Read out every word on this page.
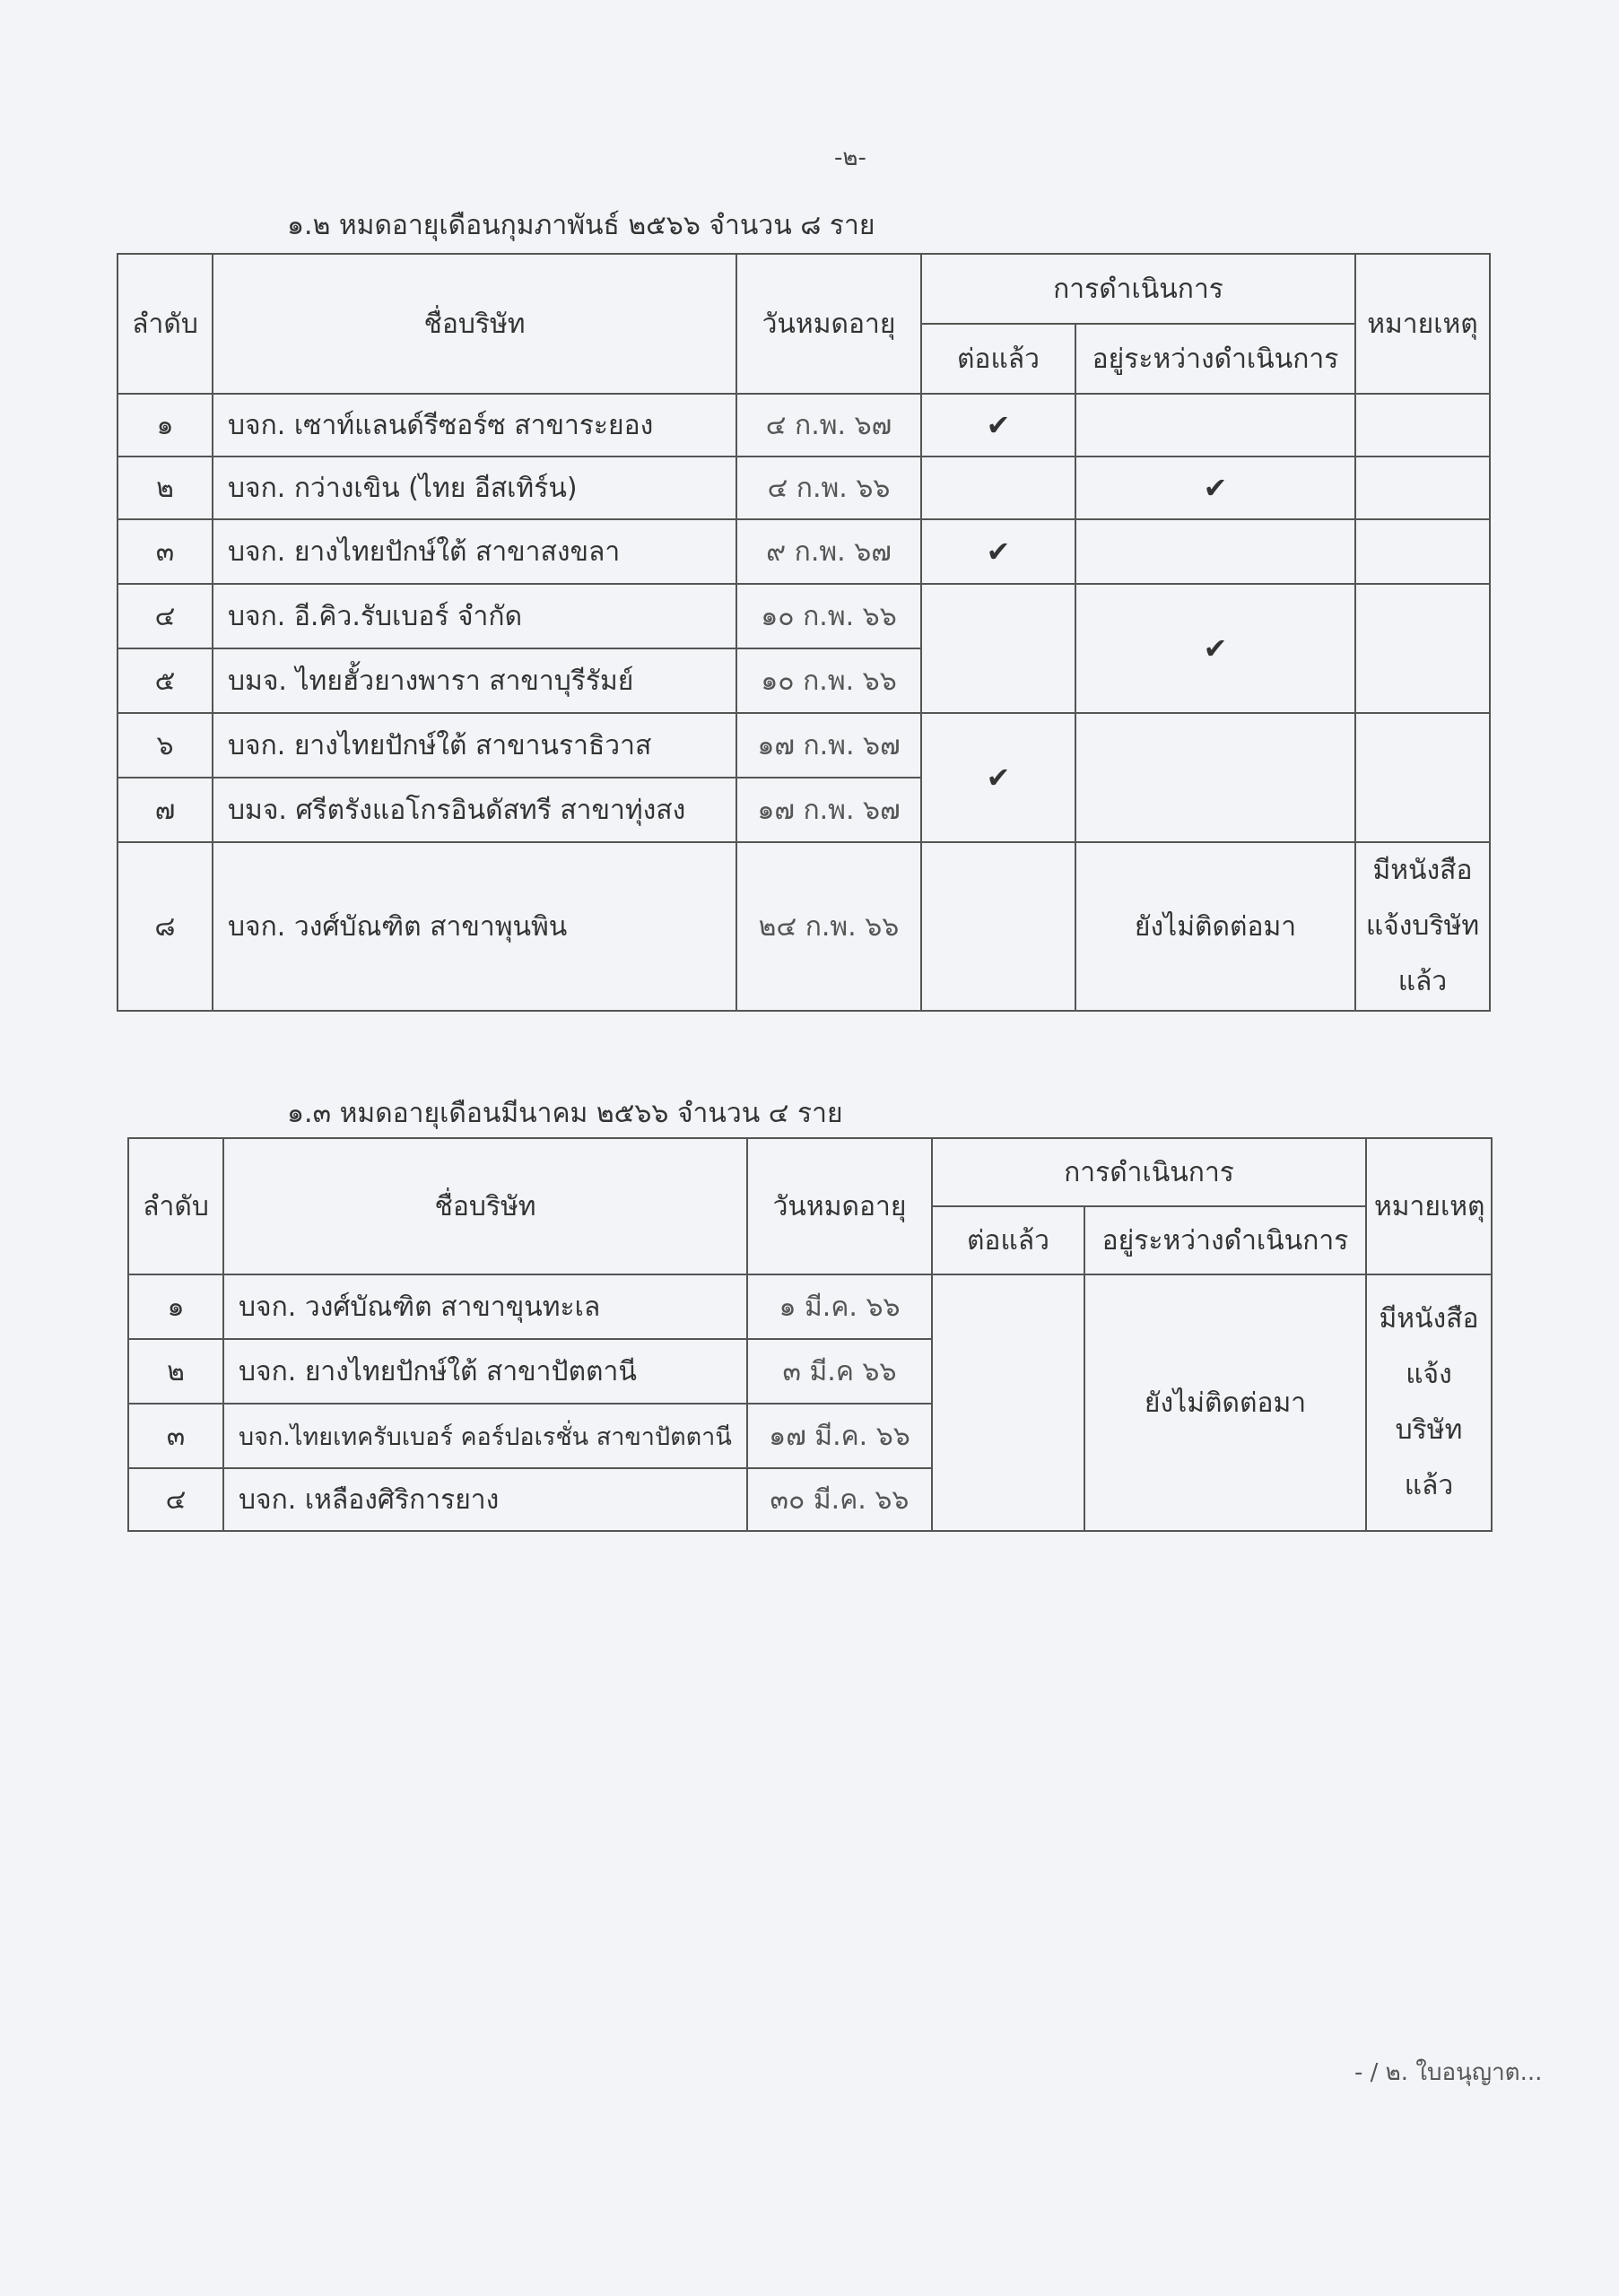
-๒-
๑.๒ หมดอายุเดือนกุมภาพันธ์ ๒๕๖๖ จำนวน ๘ ราย
ลำดับ	ชื่อบริษัท	วันหมดอายุ	การดำเนินการ		หมายเหตุ
			ต่อแล้ว	อยู่ระหว่างดำเนินการ	
๑	บจก. เซาท์แลนด์รีซอร์ซ สาขาระยอง	๔ ก.พ. ๖๗	✔		
๒	บจก. กว่างเขิน (ไทย อีสเทิร์น)	๔ ก.พ. ๖๖		✔	
๓	บจก. ยางไทยปักษ์ใต้ สาขาสงขลา	๙ ก.พ. ๖๗	✔		
๔	บจก. อี.คิว.รับเบอร์ จำกัด	๑๐ ก.พ. ๖๖		✔	
๕	บมจ. ไทยฮั้วยางพารา สาขาบุรีรัมย์	๑๐ ก.พ. ๖๖			
๖	บจก. ยางไทยปักษ์ใต้ สาขานราธิวาส	๑๗ ก.พ. ๖๗	✔		
๗	บมจ. ศรีตรังแอโกรอินดัสทรี สาขาทุ่งสง	๑๗ ก.พ. ๖๗			
๘	บจก. วงศ์บัณฑิต สาขาพุนพิน	๒๔ ก.พ. ๖๖		ยังไม่ติดต่อมา	มีหนังสือ
แจ้งบริษัท
แล้ว
๑.๓ หมดอายุเดือนมีนาคม ๒๕๖๖ จำนวน ๔ ราย
ลำดับ	ชื่อบริษัท	วันหมดอายุ	การดำเนินการ		หมายเหตุ
			ต่อแล้ว	อยู่ระหว่างดำเนินการ	
๑	บจก. วงศ์บัณฑิต สาขาขุนทะเล	๑ มี.ค. ๖๖		ยังไม่ติดต่อมา	มีหนังสือ
แจ้งบริษัท
แล้ว

๒	บจก. ยางไทยปักษ์ใต้ สาขาปัตตานี	๓ มี.ค ๖๖			
๓	บจก.ไทยเทครับเบอร์ คอร์ปอเรชั่น สาขาปัตตานี	๑๗ มี.ค. ๖๖			
๔	บจก. เหลืองศิริการยาง	๓๐ มี.ค. ๖๖			
- / ๒. ใบอนุญาต...
